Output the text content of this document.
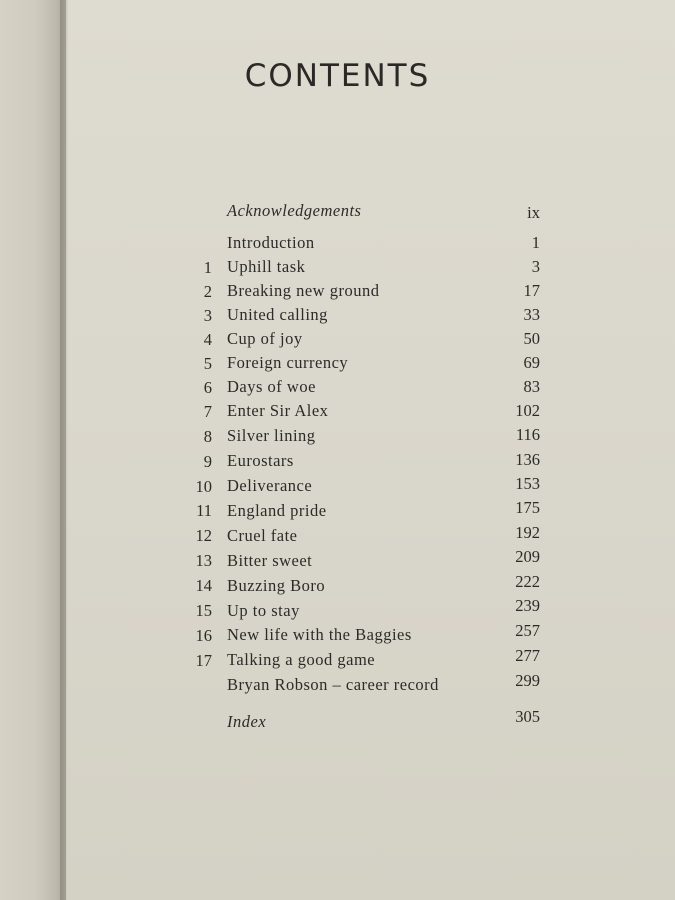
CONTENTS
Acknowledgements	ix
Introduction	1
1 Uphill task	3
2 Breaking new ground	17
3 United calling	33
4 Cup of joy	50
5 Foreign currency	69
6 Days of woe	83
7 Enter Sir Alex	102
8 Silver lining	116
9 Eurostars	136
10 Deliverance	153
11 England pride	175
12 Cruel fate	192
13 Bitter sweet	209
14 Buzzing Boro	222
15 Up to stay	239
16 New life with the Baggies	257
17 Talking a good game	277
Bryan Robson – career record	299
Index	305
